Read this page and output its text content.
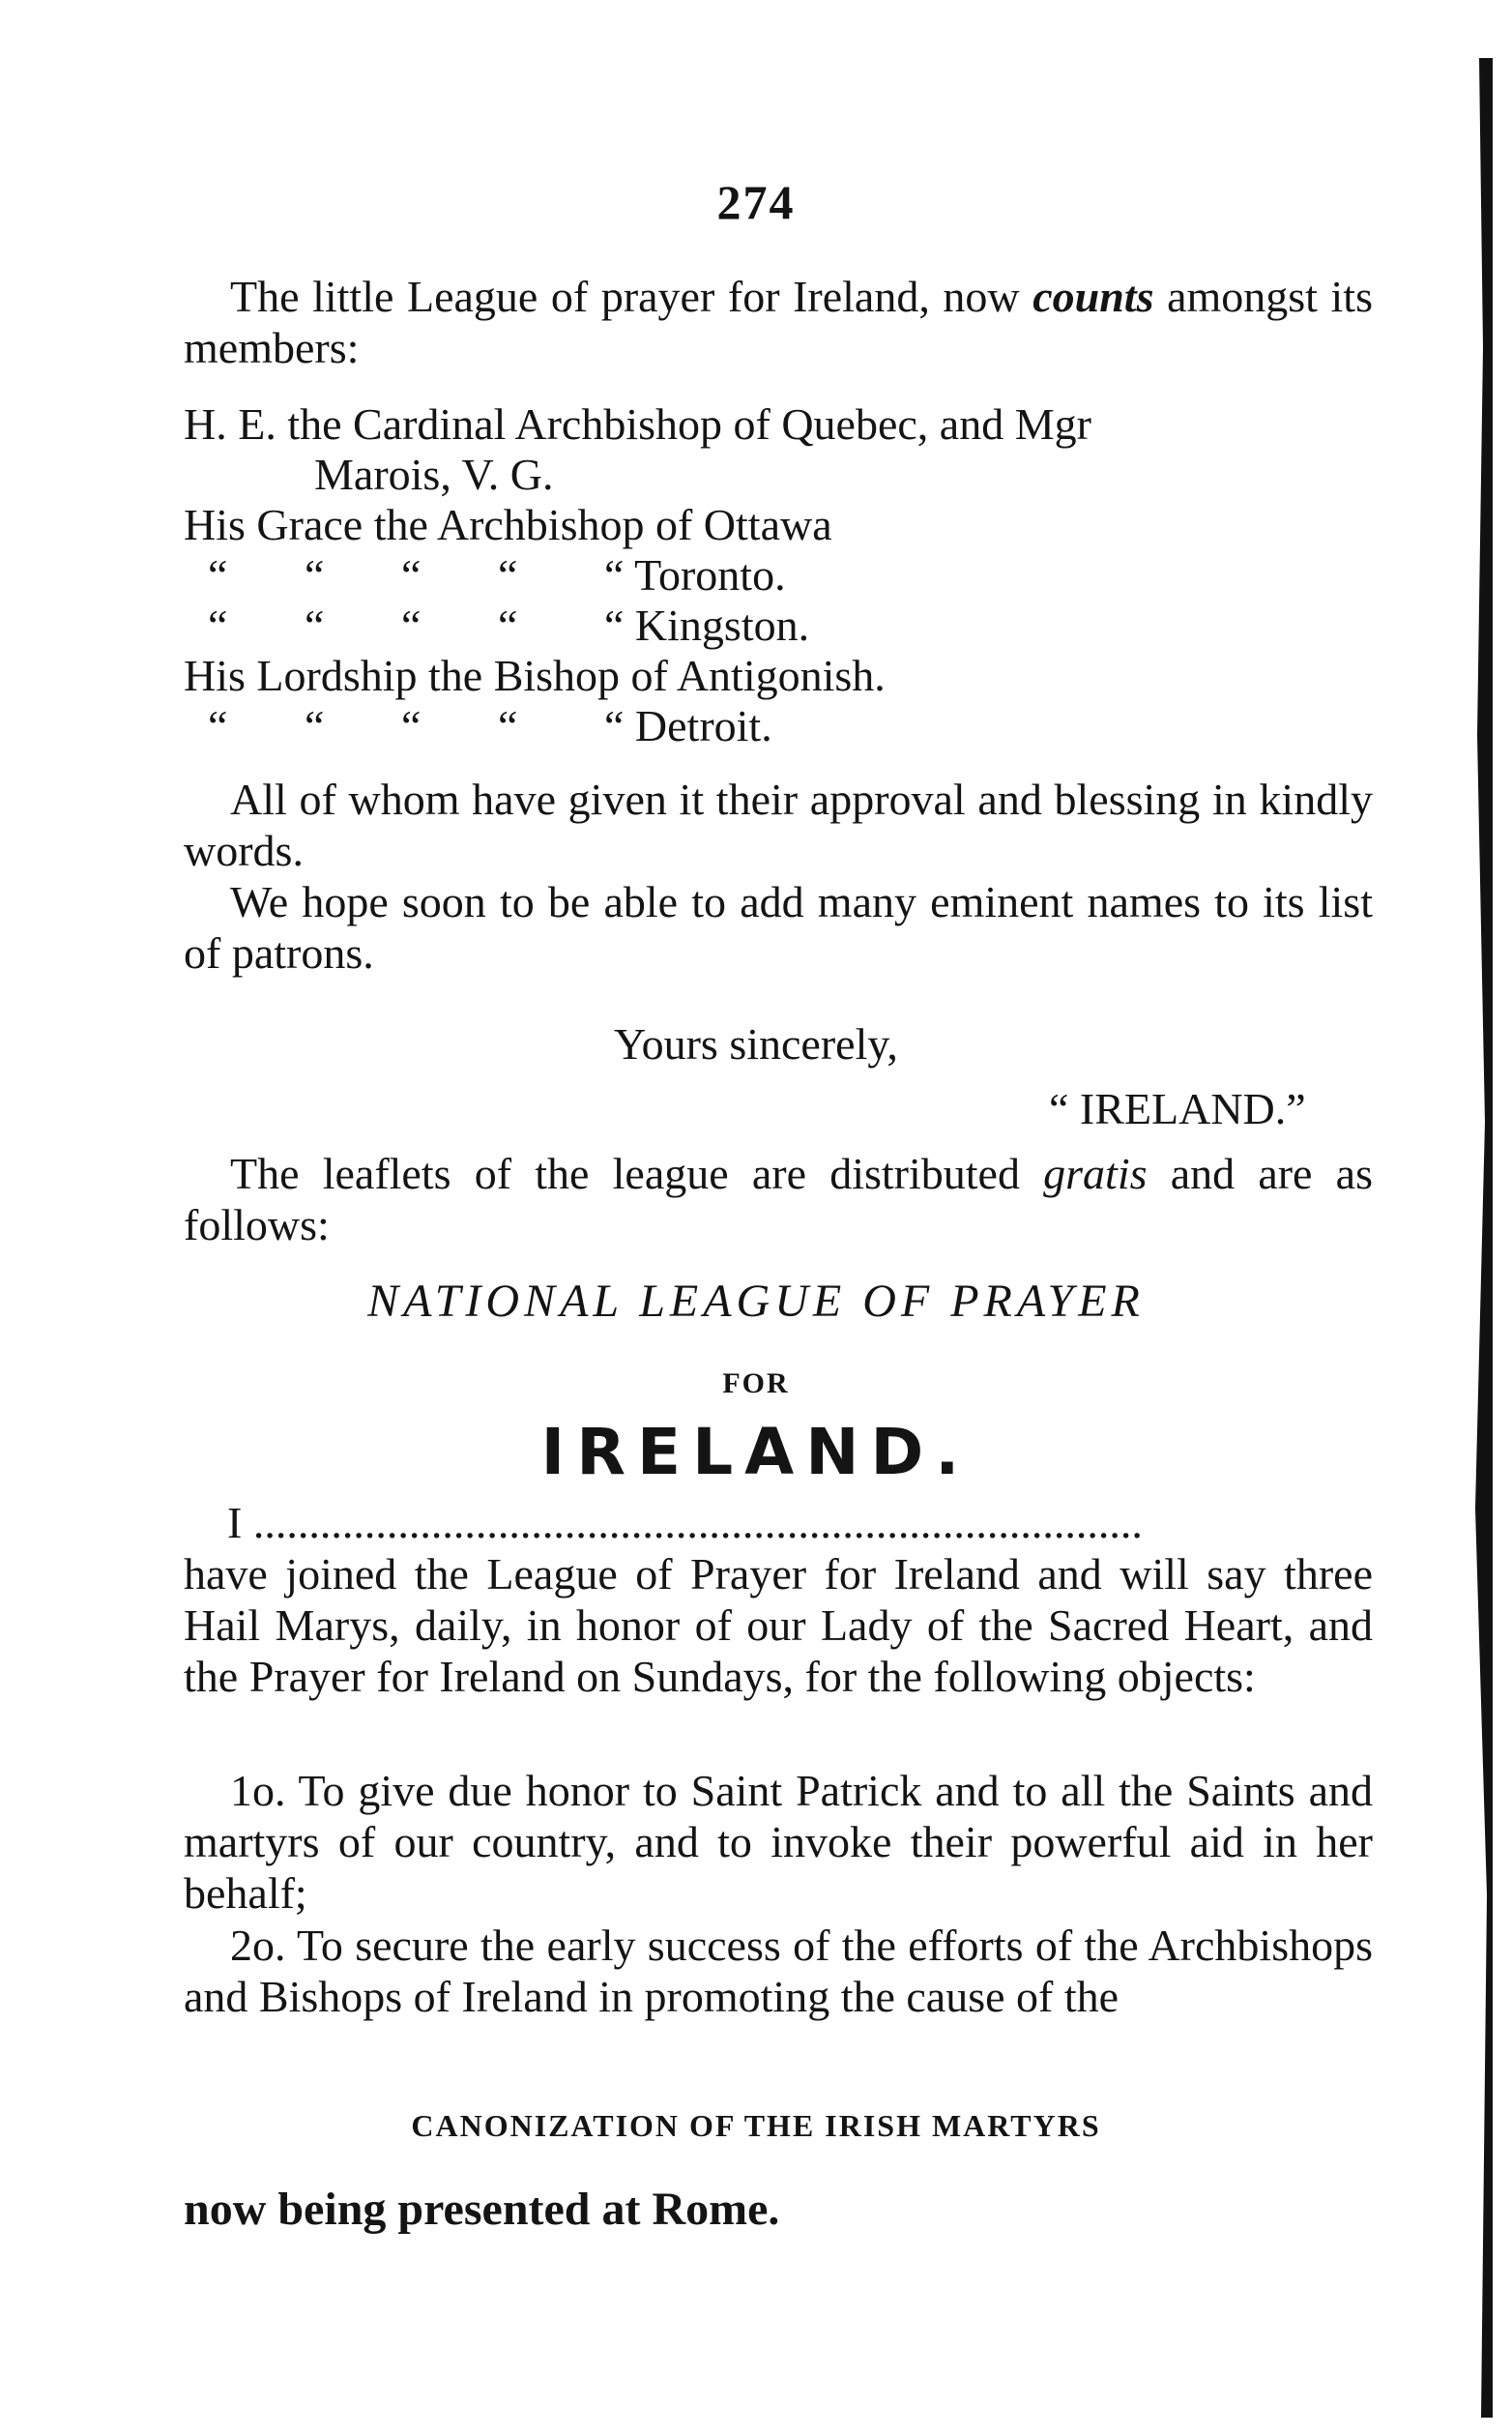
274
The little League of prayer for Ireland, now counts amongst its members:
H. E. the Cardinal Archbishop of Quebec, and Mgr
Marois, V. G.
His Grace the Archbishop of Ottawa
“ “ “ “ “ Toronto.
“ “ “ “ “ Kingston.
His Lordship the Bishop of Antigonish.
“ “ “ “ “ Detroit.
All of whom have given it their approval and blessing in kindly words.
We hope soon to be able to add many eminent names to its list of patrons.
Yours sincerely,
“ IRELAND.”
The leaflets of the league are distributed gratis and are as follows:
NATIONAL LEAGUE OF PRAYER
FOR
IRELAND.
I ................................................................................
have joined the League of Prayer for Ireland and will say three Hail Marys, daily, in honor of our Lady of the Sacred Heart, and the Prayer for Ireland on Sundays, for the following objects:
1o. To give due honor to Saint Patrick and to all the Saints and martyrs of our country, and to invoke their powerful aid in her behalf;
2o. To secure the early success of the efforts of the Archbishops and Bishops of Ireland in promoting the cause of the
CANONIZATION OF THE IRISH MARTYRS
now being presented at Rome.
